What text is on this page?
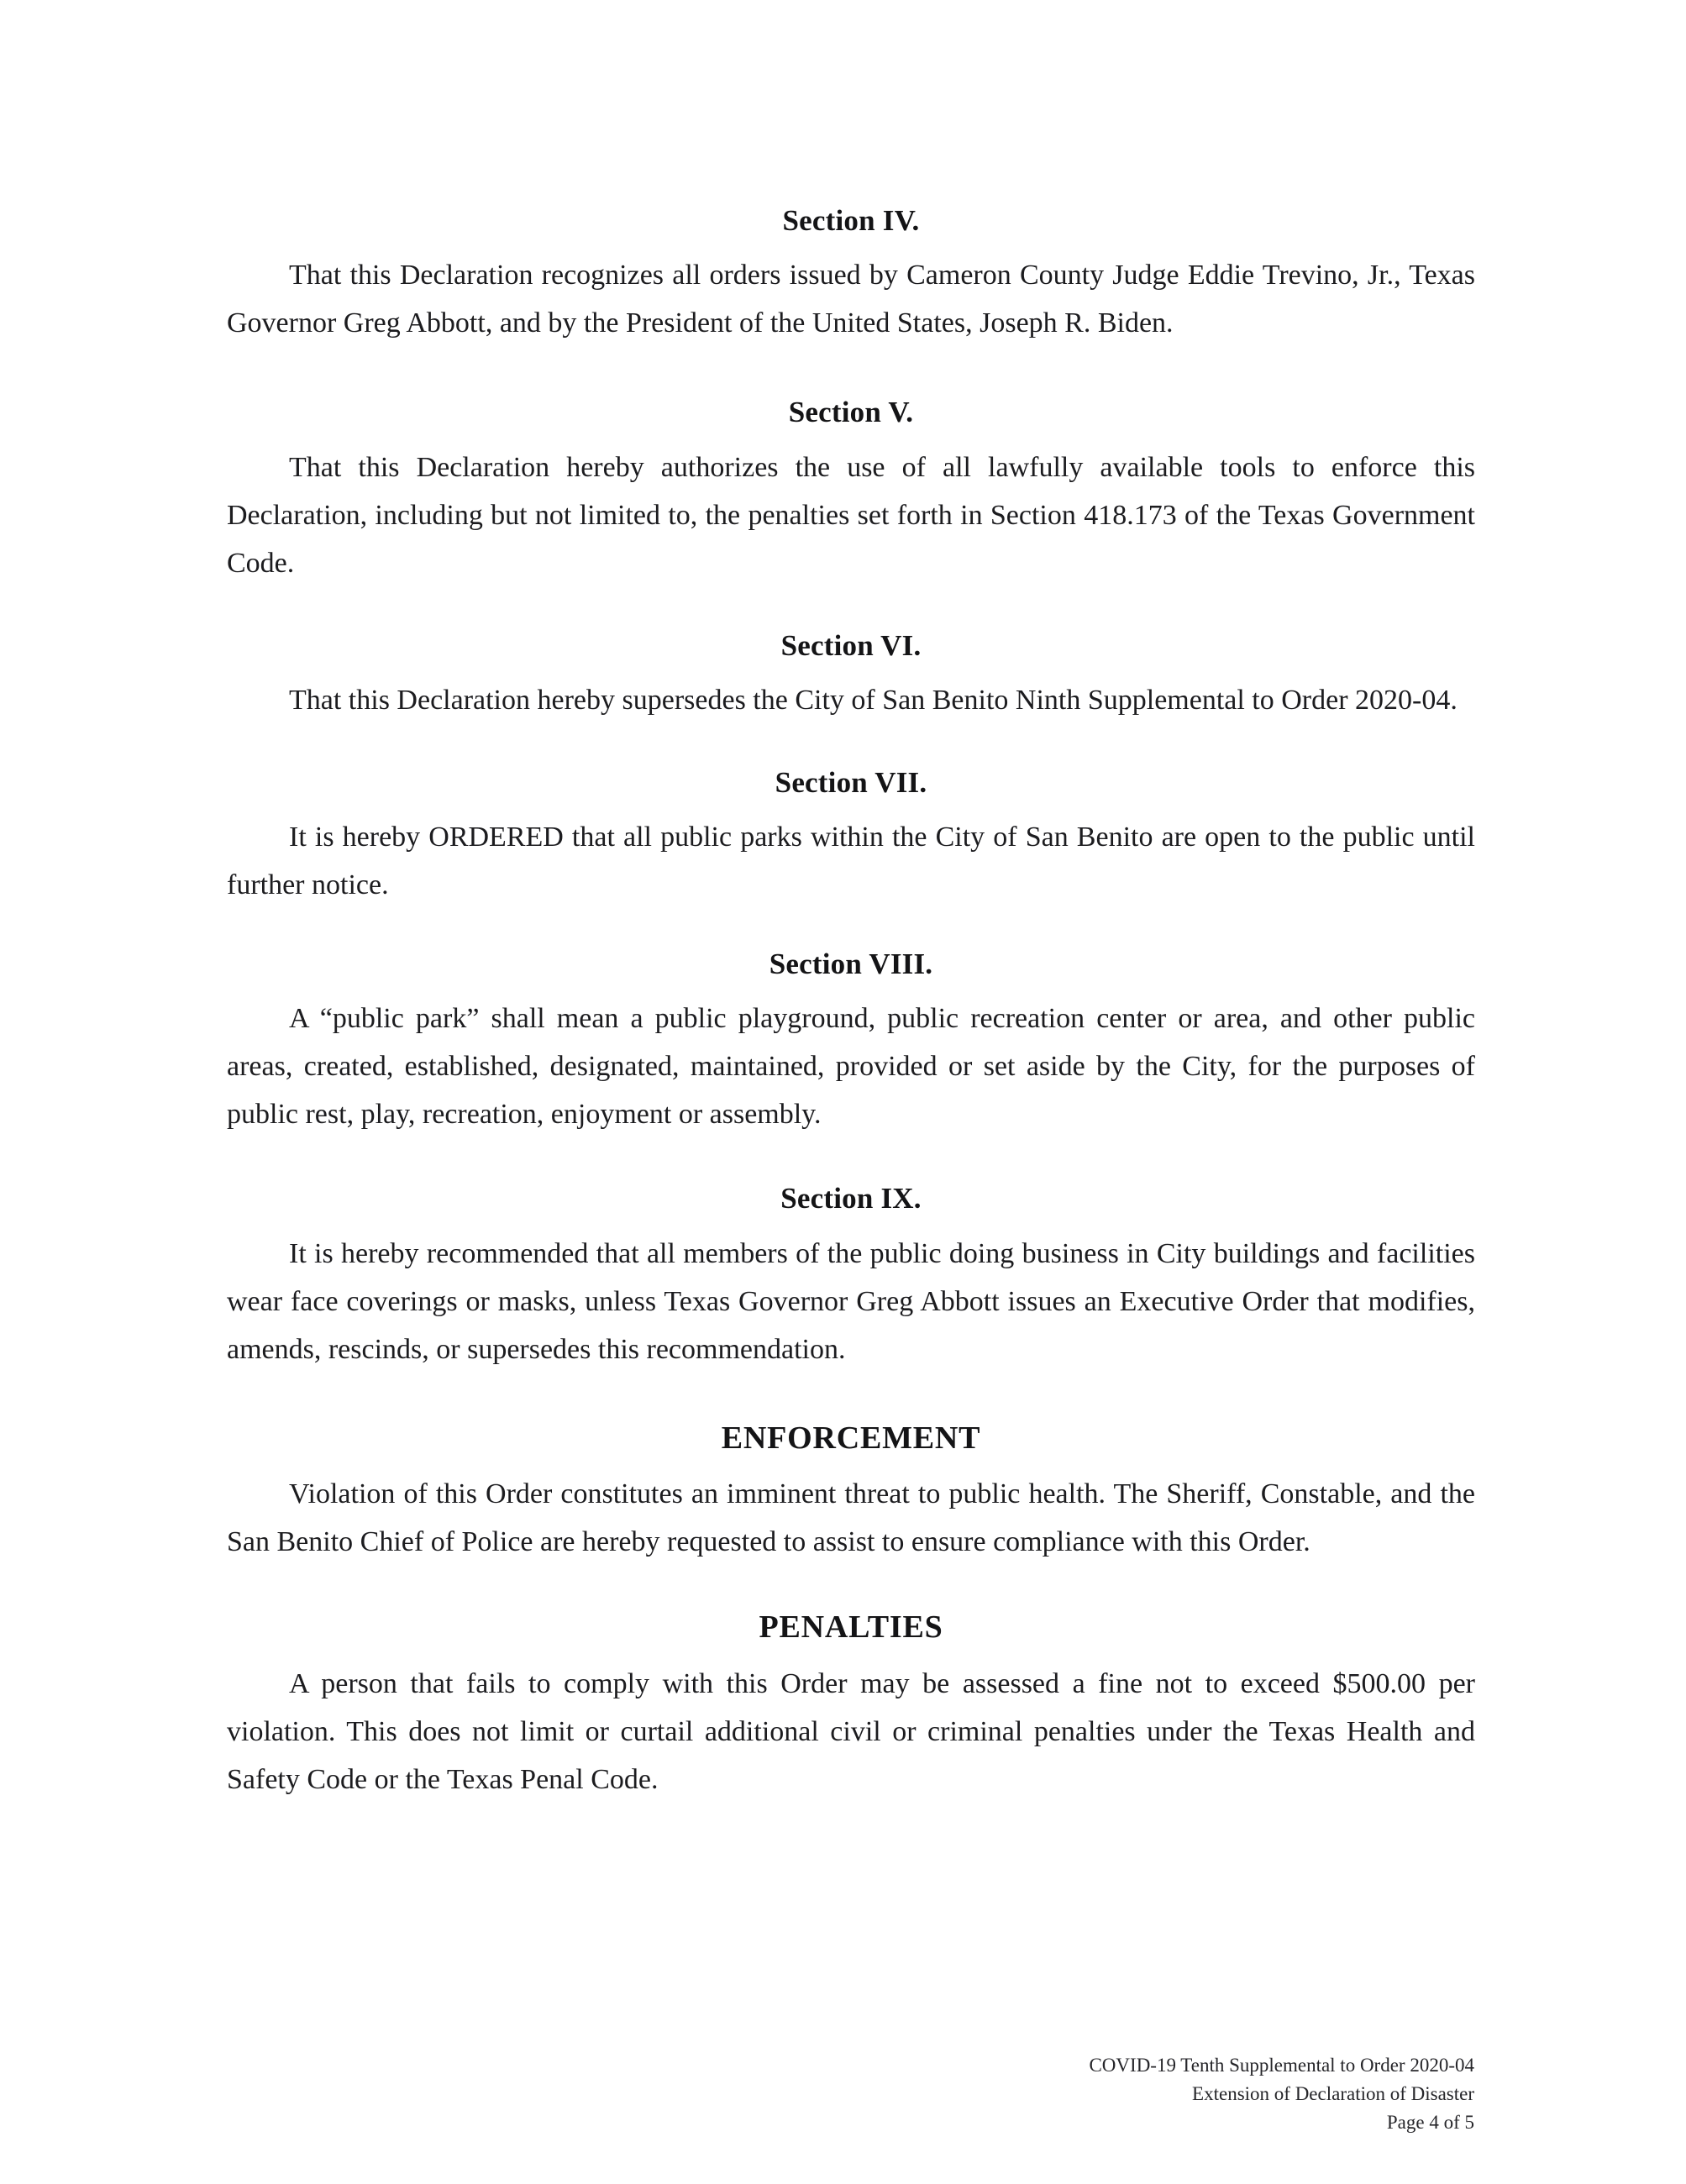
Section IV.

That this Declaration recognizes all orders issued by Cameron County Judge Eddie Trevino, Jr., Texas Governor Greg Abbott, and by the President of the United States, Joseph R. Biden.

Section V.

That this Declaration hereby authorizes the use of all lawfully available tools to enforce this Declaration, including but not limited to, the penalties set forth in Section 418.173 of the Texas Government Code.

Section VI.

That this Declaration hereby supersedes the City of San Benito Ninth Supplemental to Order 2020-04.

Section VII.

It is hereby ORDERED that all public parks within the City of San Benito are open to the public until further notice.

Section VIII.

A “public park” shall mean a public playground, public recreation center or area, and other public areas, created, established, designated, maintained, provided or set aside by the City, for the purposes of public rest, play, recreation, enjoyment or assembly.

Section IX.

It is hereby recommended that all members of the public doing business in City buildings and facilities wear face coverings or masks, unless Texas Governor Greg Abbott issues an Executive Order that modifies, amends, rescinds, or supersedes this recommendation.

ENFORCEMENT

Violation of this Order constitutes an imminent threat to public health. The Sheriff, Constable, and the San Benito Chief of Police are hereby requested to assist to ensure compliance with this Order.

PENALTIES

A person that fails to comply with this Order may be assessed a fine not to exceed $500.00 per violation. This does not limit or curtail additional civil or criminal penalties under the Texas Health and Safety Code or the Texas Penal Code.

COVID-19 Tenth Supplemental to Order 2020-04
Extension of Declaration of Disaster
Page 4 of 5
